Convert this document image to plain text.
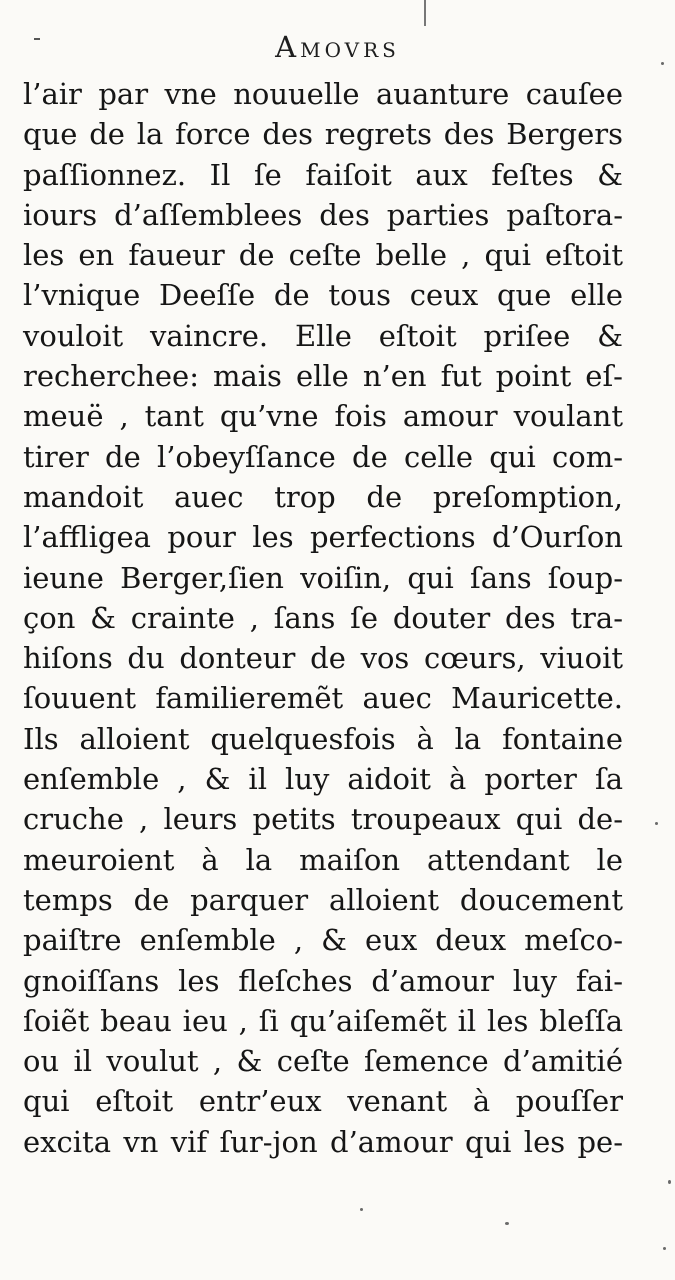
Amovrs
l’air par vne nouuelle auanture cauſee
que de la force des regrets des Bergers
paſſionnez. Il ſe faiſoit aux feſtes &
iours d’aſſemblees des parties paſtora-
les en faueur de ceſte belle , qui eſtoit
l’vnique Deeſſe de tous ceux que elle
vouloit vaincre. Elle eſtoit priſee &
recherchee: mais elle n’en fut point eſ-
meuë , tant qu’vne fois amour voulant
tirer de l’obeyſſance de celle qui com-
mandoit auec trop de preſomption,
l’affligea pour les perfections d’Ourſon
ieune Berger,ſien voiſin, qui ſans ſoup-
çon & crainte , ſans ſe douter des tra-
hiſons du donteur de vos cœurs, viuoit
ſouuent familieremẽt auec Mauricette.
Ils alloient quelquesfois à la fontaine
enſemble , & il luy aidoit à porter ſa
cruche , leurs petits troupeaux qui de-
meuroient à la maiſon attendant le
temps de parquer alloient doucement
paiſtre enſemble , & eux deux meſco-
gnoiſſans les fleſches d’amour luy fai-
ſoiẽt beau ieu , ſi qu’aiſemẽt il les bleſſa
ou il voulut , & ceſte ſemence d’amitié
qui eſtoit entr’eux venant à pouſſer
excita vn vif ſur-jon d’amour qui les pe-
